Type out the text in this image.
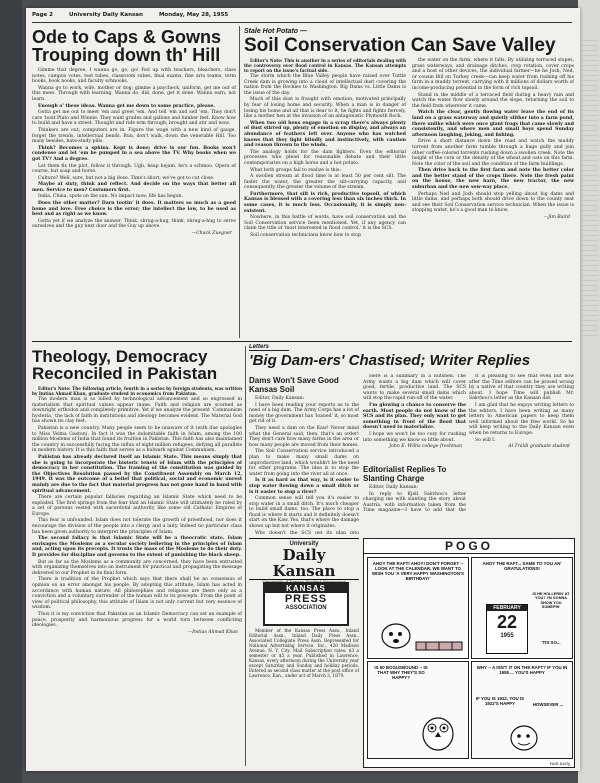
Page 2	University Daily Kansan	Monday, May 28, 1955
Ode to Caps & Gowns
Trouping down th' Hill

Gimme that degree, I wanna go, go, go! Fed up with teachers, bleachers, class notes, campus votes, test tubes, classroom rubes, final exams, fine arts teams, term books, book nooks, and faculty schnooks.

Wanna go to work, wife, mother or dog; gimme a paycheck, uniform, get me out of this mess. Through with learning. Wanna do, did, done, get it done. Wanna earn, not learn.

Enough o' these ideas. Wanna get me down to some practice, please.

Gotta get me out to meet 'em and greet 'em. And tell 'em and sell 'em. They don't care 'bout Plato and Winnie. They want grades and gallons and lumber feet. Know how to build and have a street. Thought and ride erm through; brought and stir and wow.

Thinkers are out; computers are in. Figure the wage with a new kind of gauge, forget the trends, intellectual bends. Run, don't walk, down the venerable Hill. Too many besides, hate-study pills.

Think? Becomes a sphinx. Kept is done; drive is our fun. Books won't condense and let 'em be pumped in a sea above the TV. Why books when we got TV? And a degree.

Let them fix the plot, follow it through. Ugh, heap bejam, he's a schmoo. Opera of course, but soap and horse.

Culture? Well, sure, but not a big dose. Time's short; we've got to cut close.

Maybe at sixty, think and reflect. And decide on the ways that better all men. Service to men? Costumers first.

India, China, spots on the sun. No impact now; life has begun.

Does the other matter? Darn tootin' it does. It matters so much as a good home and love. Free choice is the error; the intellect the low, to be used as best and as right as we know.

Gotta yet if we analyze the answer. Think, shrug-a-hug, think, shrug-a-hug to serve ourselves and the guy next door and the Guy up above.

—Chuck Zuegner

Stale Hot Potato —
Soil Conservation Can Save Valley

Editor's Note: This is another in a series of editorials dealing with the controversy over flood control in Kansas. The Kansan attempts to report on the issue's factual side.

The storm which the Blue Valley people have raised over Tuttle Creek dam is growing into a cloud of intellectual dust covering the nation from the Rockies to Washington. Big Dams vs. Little Dams is the issue of the day.

Much of this dust is fraught with emotion, motivated principally by fear of losing home and security. When a man is in danger of losing his home and all that is dear to it, he fights and fights fiercely, like a mother hen at the invasion of an antagonistic Plymouth Rock.

When two old hens engage in a scrap there's always plenty of dust stirred up, plenty of emotion on display, and always an abundance of feathers left over. Anyone who has watched knows that they fight blindly and instinctively, with caution and reason thrown to the winds.

The analogy holds for the dam fighters. Even the editorial processes who plead for reasonable debate and their little contemporaries on a high horse and a hot potato.

What both groups fail to realize is this:

A swollen stream at flood time is at least 50 per cent silt. The faster the water, the greater the silt-carrying capacity, and consequently, the greater the volume of the stream.

Furthermore, that silt is rich, productive topsoil, of which Kansas is blessed with a covering less than six inches thick. In some cases, it is much less. Occasionally, it is simply non-existent.

Nowhere, in this battle of words, have soil conservation and the Soil Conservation service been mentioned. Yet, if any agency can claim the title of 'most interested in flood control,' it is the SCS.

Soil conservation technicians know how to stop

the water on the farm, where it falls. By utilizing terraced slopes, grass waterways, and drainage ditches, crop rotation, cover crops and a host of other devices, the individual farmer—be he Josh, Ned, or cousin Bill on Turkey creek—can keep water from rushing off his farm in a muddy torrent, carrying with it millions of dollars worth of income-producing potential in the form of rich topsoil.

Stand in the middle of a terraced field during a heavy rain and watch the water flow slowly around the slope, returning the soil to the field from wherever it came.

Watch the clear, gently flowing water leave the end of its land on a grass waterway and quietly slither into a farm pond, there unlike which were once giant frogs that came slowly and consistently, and where men and small boys spend Sunday afternoon laughing, joking, and fishing.

Drive a short distance down the road and watch the muddy torrent from another farm tumble through a huge gully and join other coffee-colored torrents rushing down a swollen creek. Note the height of the corn or the density of the wheat and oats on this farm. Note the color of the soil and the condition of the farm buildings.

Then drive back to the first farm and note the better color and the better stand of the crops there. Note the fresh paint on the house, the new barn, the new tractor, the new suburban and the new sow-way place.

Perhaps Ned and Josh should stop yelling about big dams and little dams, and perhaps both should drive down to the county seat and see their Soil Conservation service technician. When the issue is stopping water, he's a good man to know.

—Jim Baird

Theology, Democracy
Reconciled in Pakistan

Editor's Note: The following article, fourth in a series by foreign students, was written by Imtias Ahmad Khan, graduate student in economics from Pakistan.

The modern man is so lulled by technological advancement and so engrossed in materialism that spiritual values appear inane. Faith and religion are scorned as downright orthodox and completely primitive. Yet if we analyze the present 'Communism hysteria,' the lack of faith in institutions and ideology becomes evident. The Material God has shown its clay feet.

Pakistan is a new country. Many people seem to be unaware of it (with due apologies to Miss Velma Gaston). In fact it was the indomitable faith in Islam, among the 100 million Moslems of India that found its fruition in Pakistan. This faith has also maintained the country in successfully facing the influx of eight million refugees, defying all parallels in modern history. It is this faith that serves as a bulwark against Communism.

Pakistan has already declared itself an Islamic State. This means simply that she is going to incorporate the historic tenets of Islam with the principles of democracy in her constitution. The framing of the constitution was guided by the Objectives Resolution passed by the Constituent Assembly on March 12, 1949. It was the outcome of a belief that political, social and economic unrest mainly are due to the fact that material progress has not gone hand in hand with spiritual advancement.

There are certain popular fallacies regarding an Islamic State which need to be exploded. The first springs from the fear that an Islamic State will ultimately be ruled by a set of persons vested with sacerdotal authority like some old Catholic Empires of Europe.

This fear is unfounded. Islam does not tolerate the growth of priesthood, nor does it encourage the division of the people into a clergy and a laity. Indeed no particular class has been given authority to interpret the principles of Islam.

The second fallacy is that Islamic State will be a theocratic state. Islam envisages the Moslems as a secular society believing in the principles of Islam and, acting upon its precepts. It trusts the mass of the Moslems to do their duty. It provides for discipline and governs to the extent of punishing the black sheep.

But as far as the Moslems as a community are concerned, they have been entrusted with organizing themselves into an instrument for practical and propagating the message delivered to our Prophet in its final form.

There is tradition of the Prophet which says that there shall be no consensus of opinion on an error amongst his people. By adopting this attitude, Islam has acted in accordance with human nature. All philosophies and religions are there only as a conviction and a voluntary surrender of the human will to its precepts. From the point of view of political philosophy, this attitude of Islam is not only current but very essence of wisdom.

Thus it is my conviction that Pakistan as an Islamic Democracy can set an example of peace, prosperity and harmonious progress for a world torn between conflicting ideologies.

—Imtias Ahmad Khan

Letters
'Big Dam-ers' Chastised; Writer Replies
Dams Won't Save Good Kansas Soil

Editor, Daily Kansan:

I have been reading your reports as to the need of a big dam. The Army Corps has a lot of money the government has 'loaned' it, so most get rid of it.

They need a dam on the Kaw! Never mind what the General said, then, that's an order! They don't care how many farms in the area or how many people are moved from their homes.

The Soil Conservation service introduced a plan to make many small dams on unproductive land, which wouldn't be the need for other programs. The idea is to stop the water from going into the river all at once.

Is it as hard as that way, is it easier to stop water flowing down a small ditch or is it easier to stop a river?

Common sense will tell you it's easier to stop water in a small ditch. It's much cheaper to build small dams, too. The place to stop a flood is where it starts and it definitely doesn't start on the Kaw. Yes, that's where the damage shows up but not where it originates.

Why doesn't the SCS get its plan into

Here is a summary in a nutshell. The Army wants a big dam which will cover good, fertile, productive land. The SCS wants to make several small dams which will stop the rapid run-off of the water.

I'm glowing a chance to conserve the earth. Most people do not know of the SCS and its plan. They only want to get something in front of the flood that doesn't need to materialize.

I hope we won't be too cozy for rushing into something we know so little about.

John E. Willis college freshman

It is pleasing to see that even but now after the Time editors can be prosed wrong by a native of that country they are writing about. I hope Time will publish Mr. Sakvhou's letter as the Kansan did.

I am glad that he enjoys writing letters to the editors. I have been writing as many letters to American papers to keep them well informed about the free world. So he will keep writing to the Daily Kansan even when he returns to Europe.

So will I.

Al Traldi graduate student

Editorialist Replies To Slanting Charge

Editor, Daily Kansan:

In reply to Kjell Sakvhou's letter charging me with slanting the story about Austria, with information taken from the Time magazine—I have to add that the

University
Daily Kansan
KANSAS
PRESS
ASSOCIATION

Member of the Kansas Press Assn., Inland Editorial Assn., Inland Daily Press Assn., Associated Collegiate Press Assn. Represented for National Advertising Service, Inc., 420 Madison Avenue, N. Y. City. Mail Subscription rates: $3 a semester or $5 a year. Published in Lawrence, Kansas, every afternoon during the University year except Saturday and Sunday and holiday periods. Entered as second class matter at the post office of Lawrence, Kan., under act of March 3, 1879.

POGO
AHOY THE RAFT! AHOY! DON'T FORGET -- LOOK AT THE CALENDAR, WE WANT TO WISH YOU 'A VERY HAPPY WASHINGTON'S BIRTHDAY!'
AHOY THE RAFT... SAME TO YOU AN' GRATULATIONS!
IS HE HOLLERIN' AT YOU? I'M GONNA SHOW YOU SOMEPIN'
FEBRUARY
22
1955
'TIS SO...
IS 50 BOGUSBOUND -- IS THAT WHY THEY'S SO HAPPY?
WHY -- A ISN'T IT ON THE RAFT? IF YOU IN 1955 ... YOU'S HAPPY
IF YOU IS 1922, YOU IS 1922'S HAPPY	HOWSEVER ...
Walt Kelly
